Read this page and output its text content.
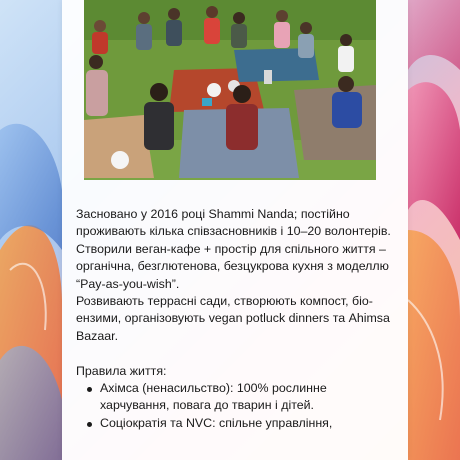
Засновано у 2016 році Shammi Nanda; постійно проживають кілька співзасновників і 10–20 волонтерів.

Створили веган-кафе + простір для спільного життя – органічна, безглютенова, безцукрова кухня з моделлю “Pay-as-you-wish”.

Розвивають террасні сади, створюють компост, біо-ензими, організовують vegan potluck dinners та Ahimsa Bazaar.

Правила життя:

Ахімса (ненасильство): 100% рослинне харчування, повага до тварин і дітей.
Соціократія та NVC: спільне управління,
